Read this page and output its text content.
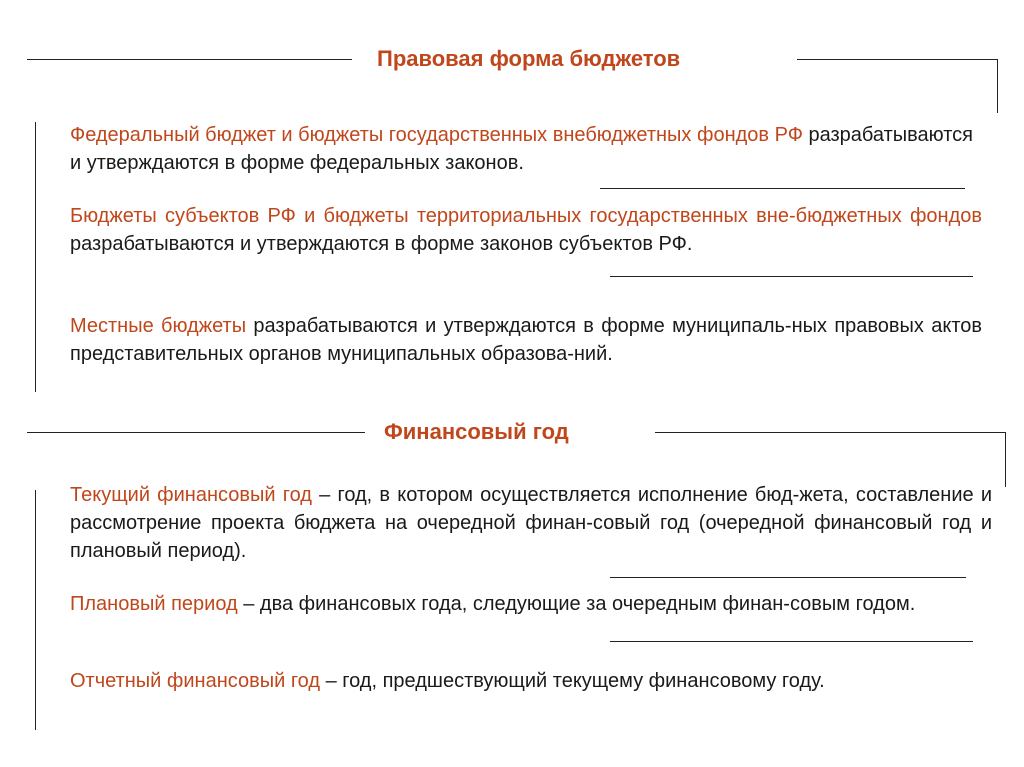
Правовая форма бюджетов

Федеральный бюджет и бюджеты государственных внебюджетных фондов РФ разрабатываются и утверждаются в форме федеральных законов.

Бюджеты субъектов РФ и бюджеты территориальных государственных вне-бюджетных фондов разрабатываются и утверждаются в форме законов субъектов РФ.

Местные бюджеты разрабатываются и утверждаются в форме муниципаль-ных правовых актов представительных органов муниципальных образова-ний.

Финансовый год

Текущий финансовый год – год, в котором осуществляется исполнение бюд-жета, составление и рассмотрение проекта бюджета на очередной финан-совый год (очередной финансовый год и плановый период).

Плановый период – два финансовых года, следующие за очередным финан-совым годом.

Отчетный финансовый год – год, предшествующий текущему финансовому году.
